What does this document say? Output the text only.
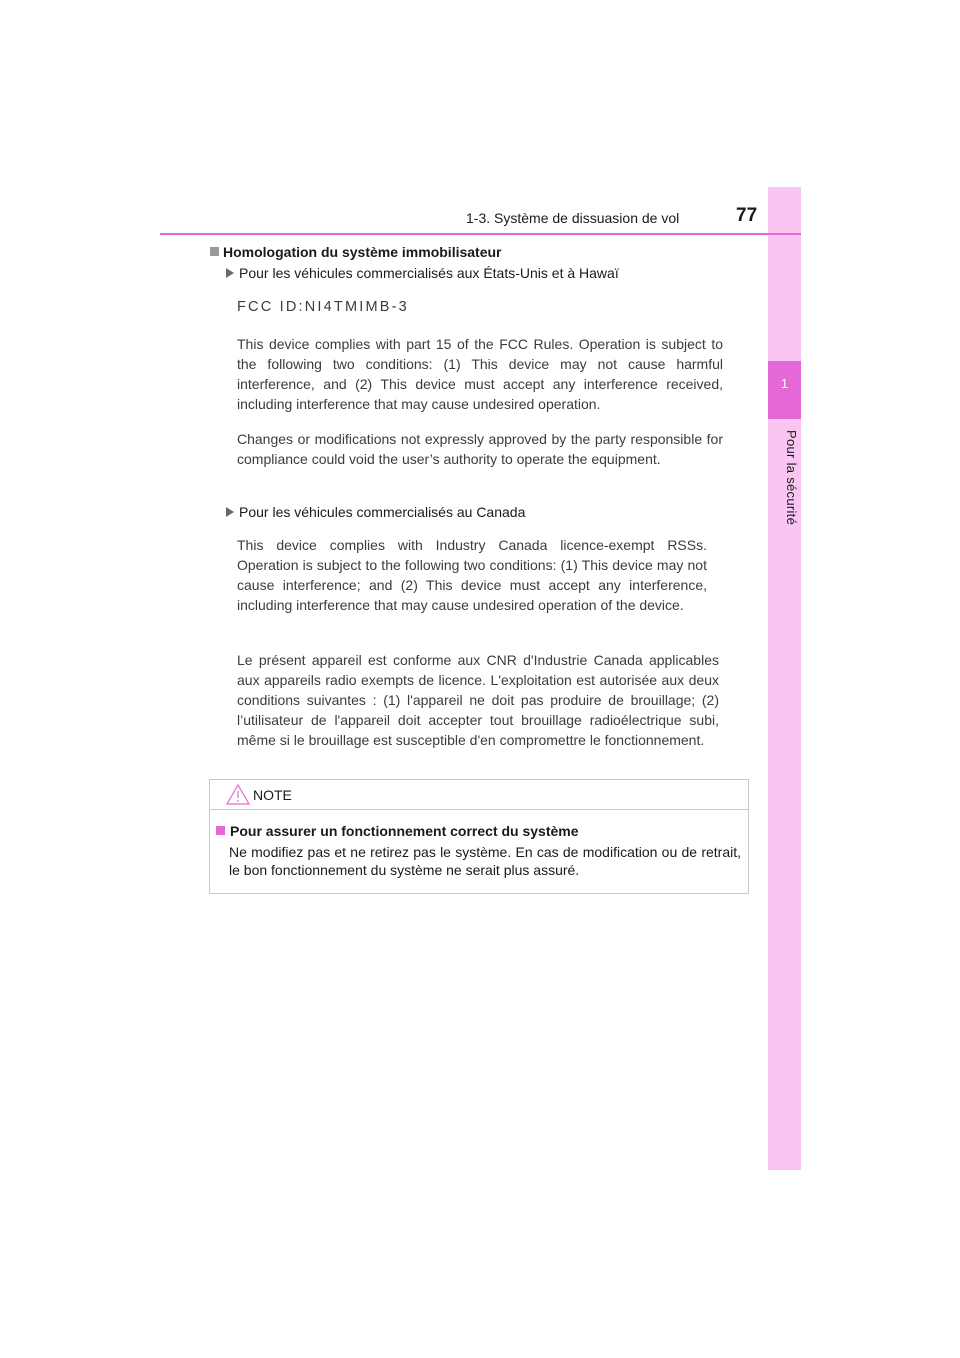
1
Pour la sécurité
1-3. Système de dissuasion de vol	77
Homologation du système immobilisateur
Pour les véhicules commercialisés aux États-Unis et à Hawaï
FCC ID:NI4TMIMB-3
This device complies with part 15 of the FCC Rules. Operation is subject to the following two conditions: (1) This device may not cause harmful interference, and (2) This device must accept any interference received, including interference that may cause undesired operation.
Changes or modifications not expressly approved by the party responsible for compliance could void the user’s authority to operate the equipment.
Pour les véhicules commercialisés au Canada
This device complies with Industry Canada licence-exempt RSSs. Operation is subject to the following two conditions: (1) This device may not cause interference; and (2) This device must accept any interference, including interference that may cause undesired operation of the device.
Le présent appareil est conforme aux CNR d'Industrie Canada applicables aux appareils radio exempts de licence. L'exploitation est autorisée aux deux conditions suivantes : (1) l'appareil ne doit pas produire de brouillage; (2) l’utilisateur de l'appareil doit accepter tout brouillage radioélectrique subi, même si le brouillage est susceptible d'en compromettre le fonctionnement.
NOTE
Pour assurer un fonctionnement correct du système
Ne modifiez pas et ne retirez pas le système. En cas de modification ou de retrait, le bon fonctionnement du système ne serait plus assuré.
